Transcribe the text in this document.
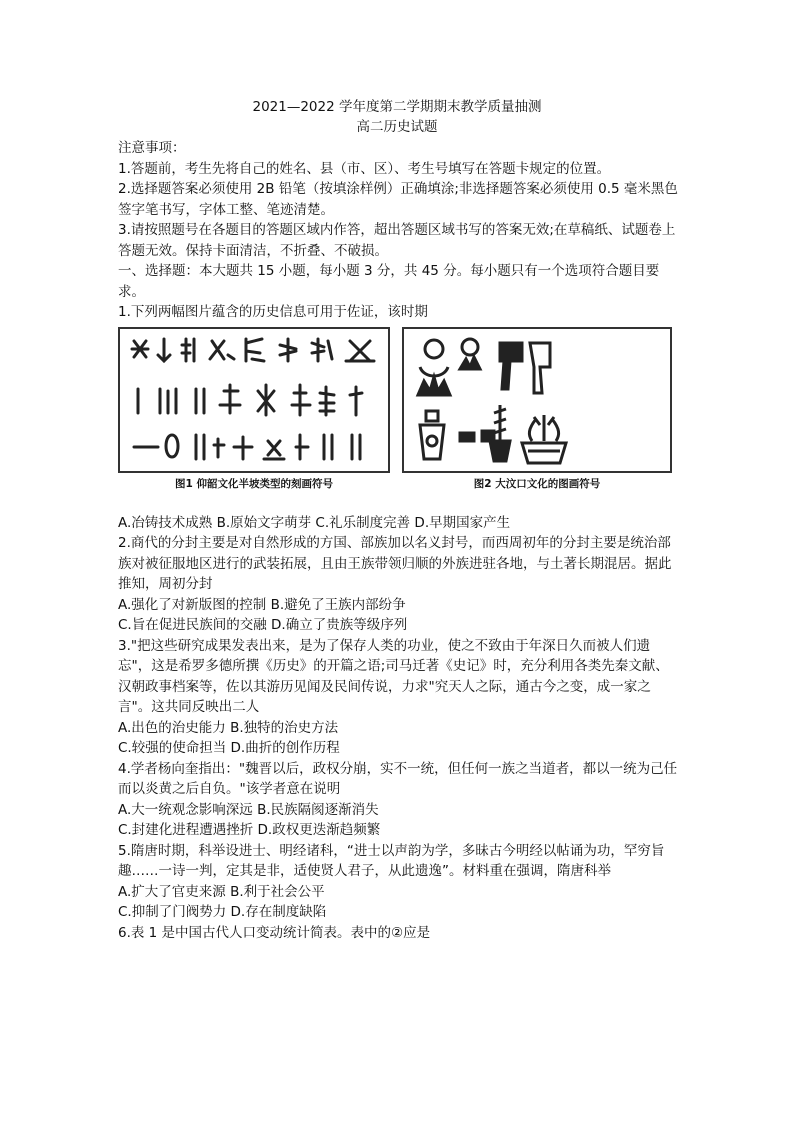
2021—2022 学年度第二学期期末教学质量抽测
高二历史试题

注意事项：

1.答题前，考生先将自己的姓名、县（市、区）、考生号填写在答题卡规定的位置。

2.选择题答案必须使用 2B 铅笔（按填涂样例）正确填涂;非选择题答案必须使用 0.5 毫米黑色签字笔书写，字体工整、笔迹清楚。

3.请按照题号在各题目的答题区域内作答，超出答题区域书写的答案无效;在草稿纸、试题卷上答题无效。保持卡面清洁，不折叠、不破损。

一、选择题：本大题共 15 小题，每小题 3 分，共 45 分。每小题只有一个选项符合题目要求。

1.下列两幅图片蕴含的历史信息可用于佐证，该时期

图1 仰韶文化半坡类型的刻画符号	图2 大汶口文化的图画符号

A.冶铸技术成熟 B.原始文字萌芽 C.礼乐制度完善 D.早期国家产生

2.商代的分封主要是对自然形成的方国、部族加以名义封号，而西周初年的分封主要是统治部族对被征服地区进行的武装拓展，且由王族带领归顺的外族进驻各地，与土著长期混居。据此推知，周初分封

A.强化了对新版图的控制 B.避免了王族内部纷争

C.旨在促进民族间的交融 D.确立了贵族等级序列

3."把这些研究成果发表出来，是为了保存人类的功业，使之不致由于年深日久而被人们遗忘"，这是希罗多德所撰《历史》的开篇之语;司马迁著《史记》时，充分利用各类先秦文献、汉朝政事档案等，佐以其游历见闻及民间传说，力求"究天人之际，通古今之变，成一家之言"。这共同反映出二人

A.出色的治史能力 B.独特的治史方法

C.较强的使命担当 D.曲折的创作历程

4.学者杨向奎指出："魏晋以后，政权分崩，实不一统，但任何一族之当道者，都以一统为己任而以炎黄之后自负。"该学者意在说明

A.大一统观念影响深远 B.民族隔阂逐渐消失

C.封建化进程遭遇挫折 D.政权更迭渐趋频繁

5.隋唐时期，科举设进士、明经诸科，“进士以声韵为学，多昧古今明经以帖诵为功，罕穷旨趣……一诗一判，定其是非，适使贤人君子，从此遗逸”。材料重在强调，隋唐科举

A.扩大了官吏来源 B.利于社会公平

C.抑制了门阀势力 D.存在制度缺陷

6.表 1 是中国古代人口变动统计简表。表中的②应是
